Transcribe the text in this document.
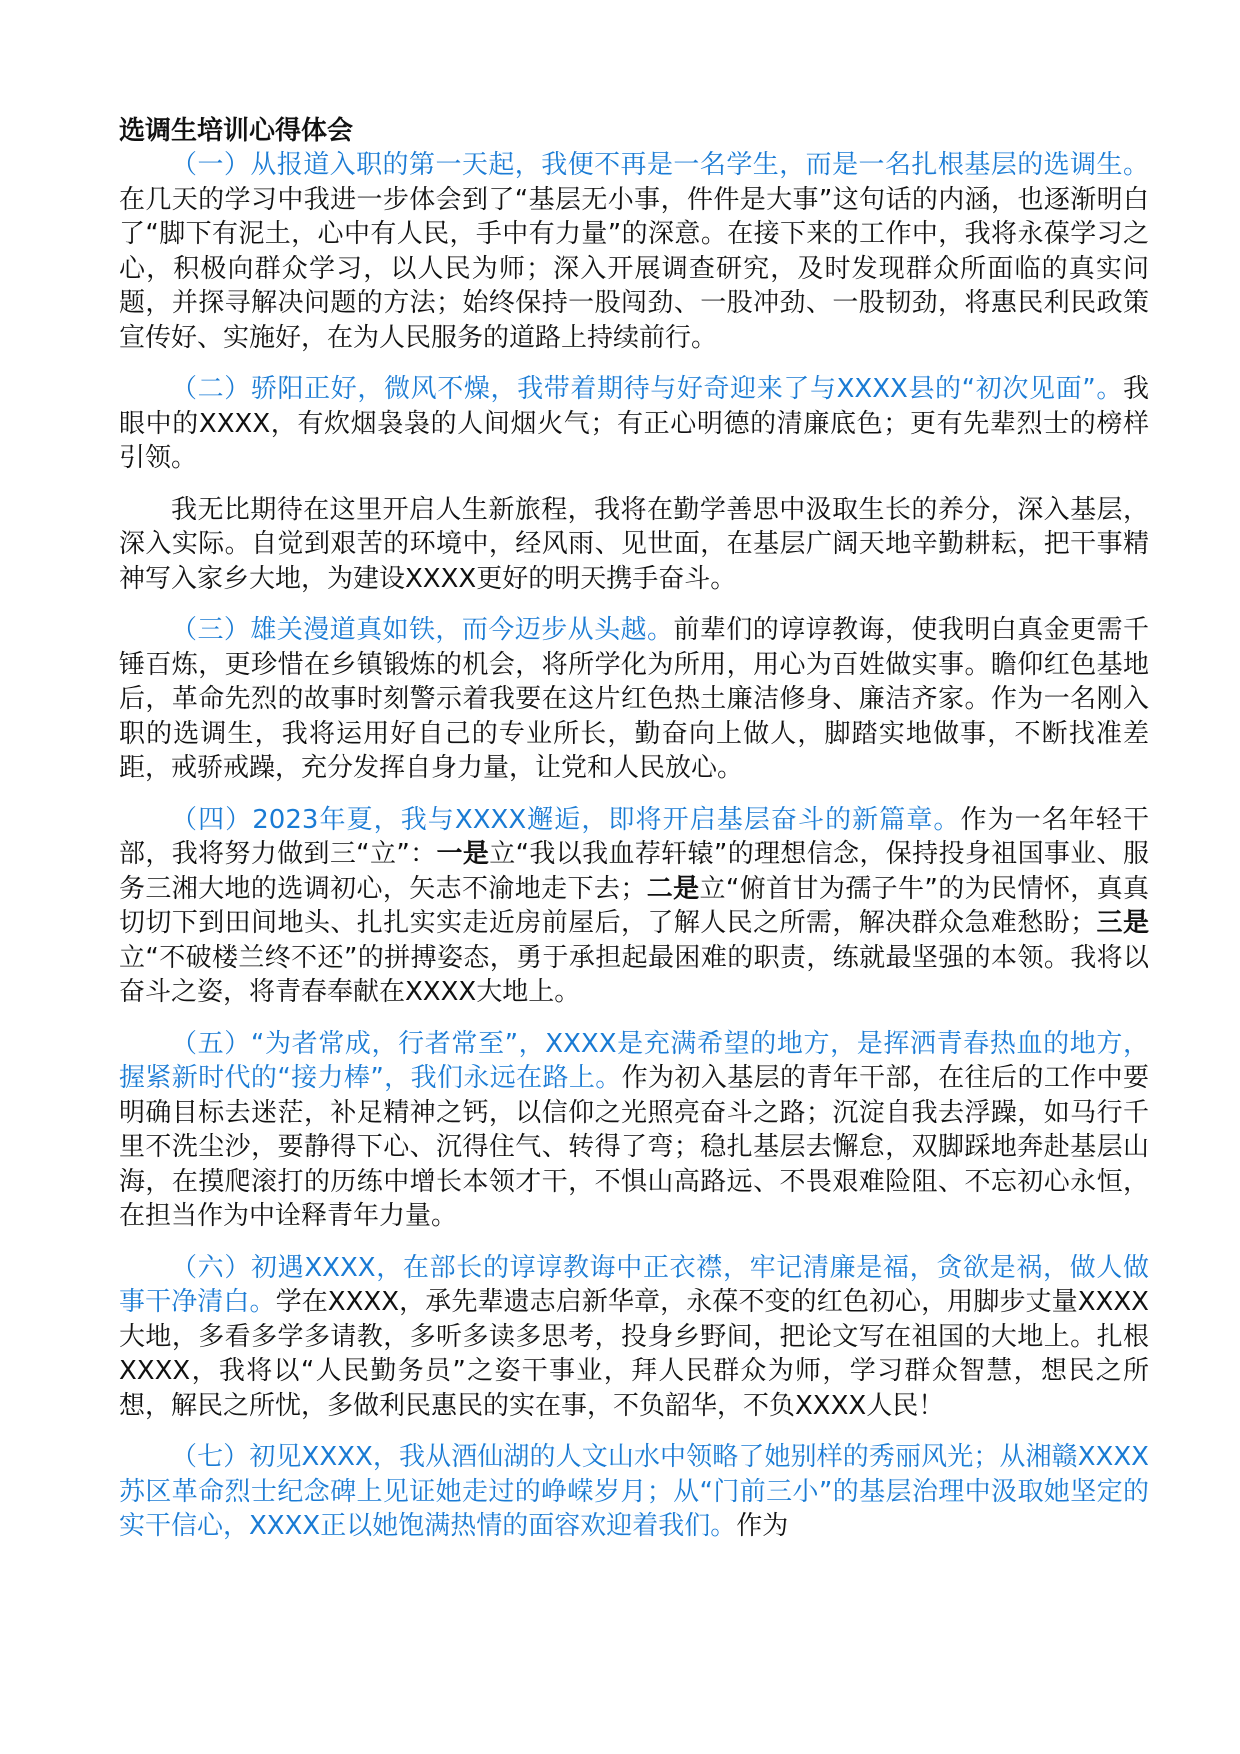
选调生培训心得体会

（一）从报道入职的第一天起，我便不再是一名学生，而是一名扎根基层的选调生。在几天的学习中我进一步体会到了“基层无小事，件件是大事”这句话的内涵，也逐渐明白了“脚下有泥土，心中有人民，手中有力量”的深意。在接下来的工作中，我将永葆学习之心，积极向群众学习，以人民为师；深入开展调查研究，及时发现群众所面临的真实问题，并探寻解决问题的方法；始终保持一股闯劲、一股冲劲、一股韧劲，将惠民利民政策宣传好、实施好，在为人民服务的道路上持续前行。

（二）骄阳正好，微风不燥，我带着期待与好奇迎来了与XXXX县的“初次见面”。我眼中的XXXX，有炊烟袅袅的人间烟火气；有正心明德的清廉底色；更有先辈烈士的榜样引领。

我无比期待在这里开启人生新旅程，我将在勤学善思中汲取生长的养分，深入基层，深入实际。自觉到艰苦的环境中，经风雨、见世面，在基层广阔天地辛勤耕耘，把干事精神写入家乡大地，为建设XXXX更好的明天携手奋斗。

（三）雄关漫道真如铁，而今迈步从头越。前辈们的谆谆教诲，使我明白真金更需千锤百炼，更珍惜在乡镇锻炼的机会，将所学化为所用，用心为百姓做实事。瞻仰红色基地后，革命先烈的故事时刻警示着我要在这片红色热土廉洁修身、廉洁齐家。作为一名刚入职的选调生，我将运用好自己的专业所长，勤奋向上做人，脚踏实地做事，不断找准差距，戒骄戒躁，充分发挥自身力量，让党和人民放心。

（四）2023年夏，我与XXXX邂逅，即将开启基层奋斗的新篇章。作为一名年轻干部，我将努力做到三“立”：一是立“我以我血荐轩辕”的理想信念，保持投身祖国事业、服务三湘大地的选调初心，矢志不渝地走下去；二是立“俯首甘为孺子牛”的为民情怀，真真切切下到田间地头、扎扎实实走近房前屋后，了解人民之所需，解决群众急难愁盼；三是立“不破楼兰终不还”的拼搏姿态，勇于承担起最困难的职责，练就最坚强的本领。我将以奋斗之姿，将青春奉献在XXXX大地上。

（五）“为者常成，行者常至”，XXXX是充满希望的地方，是挥洒青春热血的地方，握紧新时代的“接力棒”，我们永远在路上。作为初入基层的青年干部，在往后的工作中要明确目标去迷茫，补足精神之钙，以信仰之光照亮奋斗之路；沉淀自我去浮躁，如马行千里不洗尘沙，要静得下心、沉得住气、转得了弯；稳扎基层去懈怠，双脚踩地奔赴基层山海，在摸爬滚打的历练中增长本领才干，不惧山高路远、不畏艰难险阻、不忘初心永恒，在担当作为中诠释青年力量。

（六）初遇XXXX，在部长的谆谆教诲中正衣襟，牢记清廉是福，贪欲是祸，做人做事干净清白。学在XXXX，承先辈遗志启新华章，永葆不变的红色初心，用脚步丈量XXXX大地，多看多学多请教，多听多读多思考，投身乡野间，把论文写在祖国的大地上。扎根XXXX，我将以“人民勤务员”之姿干事业，拜人民群众为师，学习群众智慧，想民之所想，解民之所忧，多做利民惠民的实在事，不负韶华，不负XXXX人民！

（七）初见XXXX，我从酒仙湖的人文山水中领略了她别样的秀丽风光；从湘赣XXXX苏区革命烈士纪念碑上见证她走过的峥嵘岁月；从“门前三小”的基层治理中汲取她坚定的实干信心，XXXX正以她饱满热情的面容欢迎着我们。作为
